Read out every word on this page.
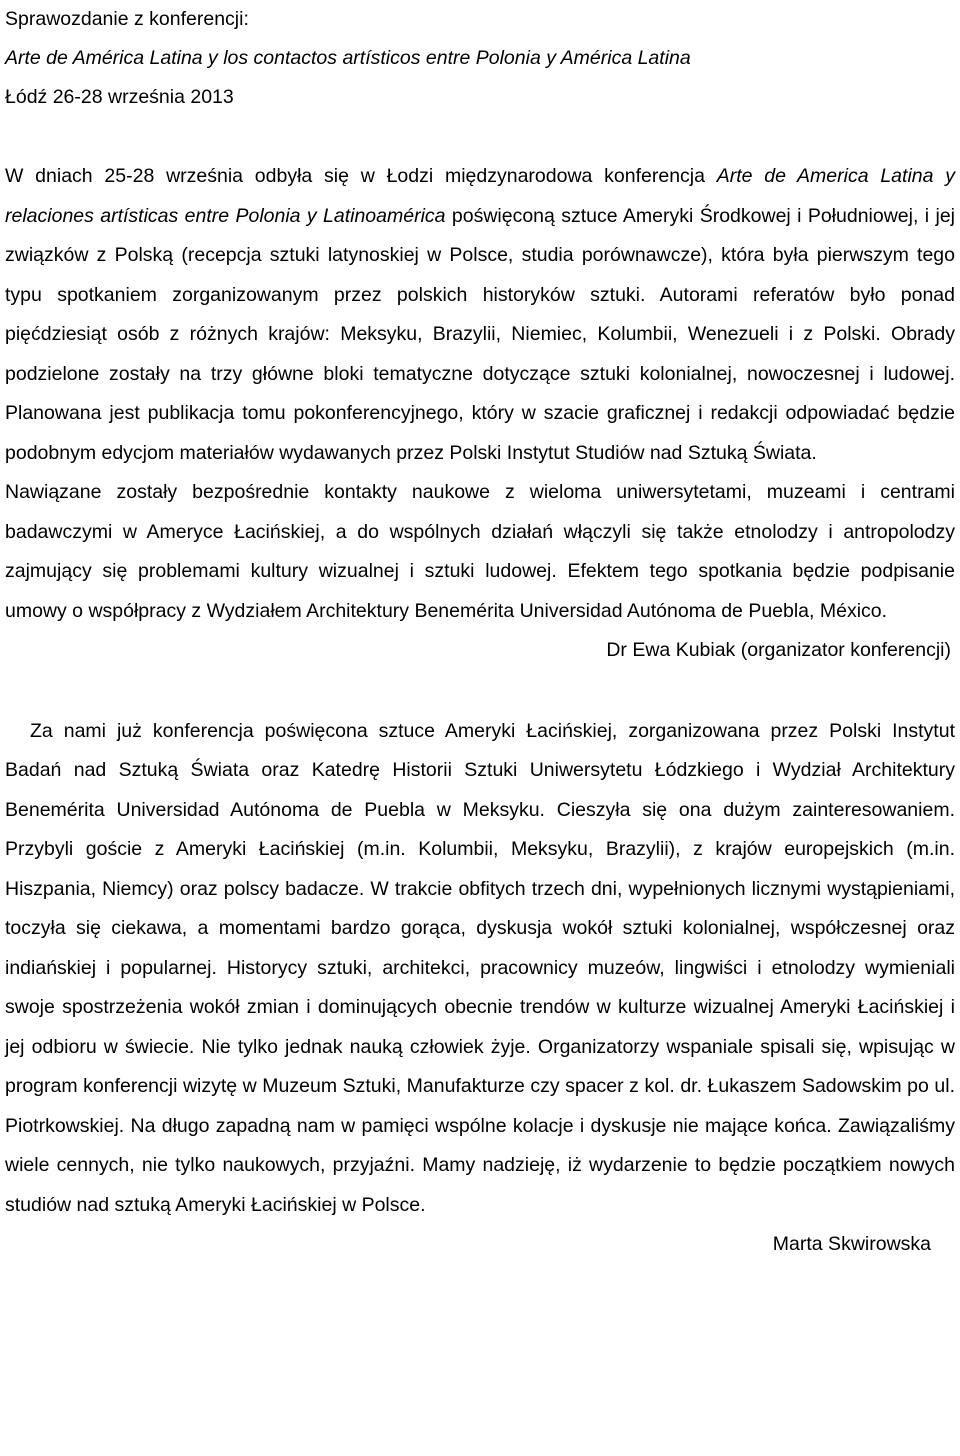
Sprawozdanie z konferencji:
Arte de América Latina y los contactos artísticos entre Polonia y América Latina
Łódź 26-28 września 2013

W dniach 25-28 września odbyła się w Łodzi międzynarodowa konferencja Arte de America Latina y relaciones artísticas entre Polonia y Latinoamérica poświęconą sztuce Ameryki Środkowej i Południowej, i jej związków z Polską (recepcja sztuki latynoskiej w Polsce, studia porównawcze), która była pierwszym tego typu spotkaniem zorganizowanym przez polskich historyków sztuki. Autorami referatów było ponad pięćdziesiąt osób z różnych krajów: Meksyku, Brazylii, Niemiec, Kolumbii, Wenezueli i z Polski. Obrady podzielone zostały na trzy główne bloki tematyczne dotyczące sztuki kolonialnej, nowoczesnej i ludowej. Planowana jest publikacja tomu pokonferencyjnego, który w szacie graficznej i redakcji odpowiadać będzie podobnym edycjom materiałów wydawanych przez Polski Instytut Studiów nad Sztuką Świata.

Nawiązane zostały bezpośrednie kontakty naukowe z wieloma uniwersytetami, muzeami i centrami badawczymi w Ameryce Łacińskiej, a do wspólnych działań włączyli się także etnolodzy i antropolodzy zajmujący się problemami kultury wizualnej i sztuki ludowej. Efektem tego spotkania będzie podpisanie umowy o współpracy z Wydziałem Architektury Benemérita Universidad Autónoma de Puebla, México.

Dr Ewa Kubiak (organizator konferencji)

Za nami już konferencja poświęcona sztuce Ameryki Łacińskiej, zorganizowana przez Polski Instytut Badań nad Sztuką Świata oraz Katedrę Historii Sztuki Uniwersytetu Łódzkiego i Wydział Architektury Benemérita Universidad Autónoma de Puebla w Meksyku. Cieszyła się ona dużym zainteresowaniem. Przybyli goście z Ameryki Łacińskiej (m.in. Kolumbii, Meksyku, Brazylii), z krajów europejskich (m.in. Hiszpania, Niemcy) oraz polscy badacze. W trakcie obfitych trzech dni, wypełnionych licznymi wystąpieniami, toczyła się ciekawa, a momentami bardzo gorąca, dyskusja wokół sztuki kolonialnej, współczesnej oraz indiańskiej i popularnej. Historycy sztuki, architekci, pracownicy muzeów, lingwiści i etnolodzy wymieniali swoje spostrzeżenia wokół zmian i dominujących obecnie trendów w kulturze wizualnej Ameryki Łacińskiej i jej odbioru w świecie. Nie tylko jednak nauką człowiek żyje. Organizatorzy wspaniale spisali się, wpisując w program konferencji wizytę w Muzeum Sztuki, Manufakturze czy spacer z kol. dr. Łukaszem Sadowskim po ul. Piotrkowskiej. Na długo zapadną nam w pamięci wspólne kolacje i dyskusje nie mające końca. Zawiązaliśmy wiele cennych, nie tylko naukowych, przyjaźni. Mamy nadzieję, iż wydarzenie to będzie początkiem nowych studiów nad sztuką Ameryki Łacińskiej w Polsce.

Marta Skwirowska
